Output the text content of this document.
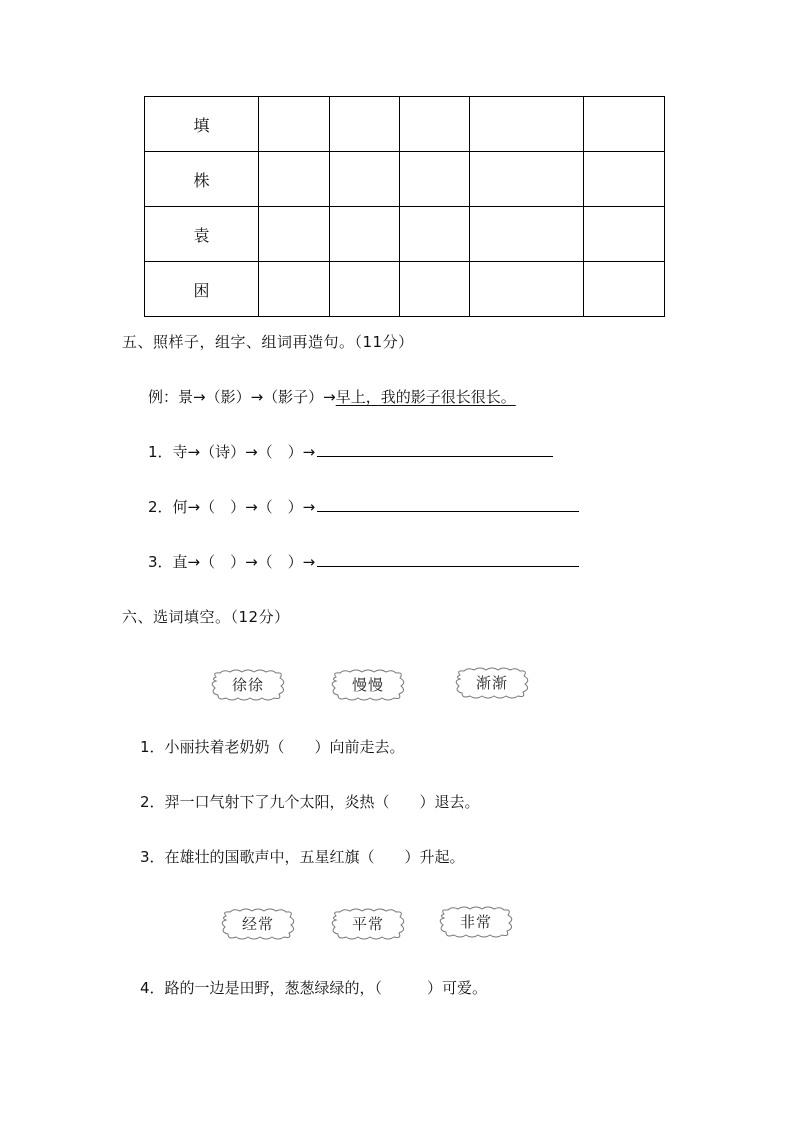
填					
株					
袁					
困					
五、照样子，组字、组词再造句。（11分）
例：景→（影）→（影子）→早上，我的影子很长很长。
1．寺→（诗）→（　）→
2．何→（　）→（　）→
3．直→（　）→（　）→
六、选词填空。（12分）
徐徐	慢慢	渐渐
1．小丽扶着老奶奶（　　）向前走去。
2．羿一口气射下了九个太阳，炎热（　　）退去。
3．在雄壮的国歌声中，五星红旗（　　）升起。
经常	平常	非常
4．路的一边是田野，葱葱绿绿的，（　　　）可爱。
